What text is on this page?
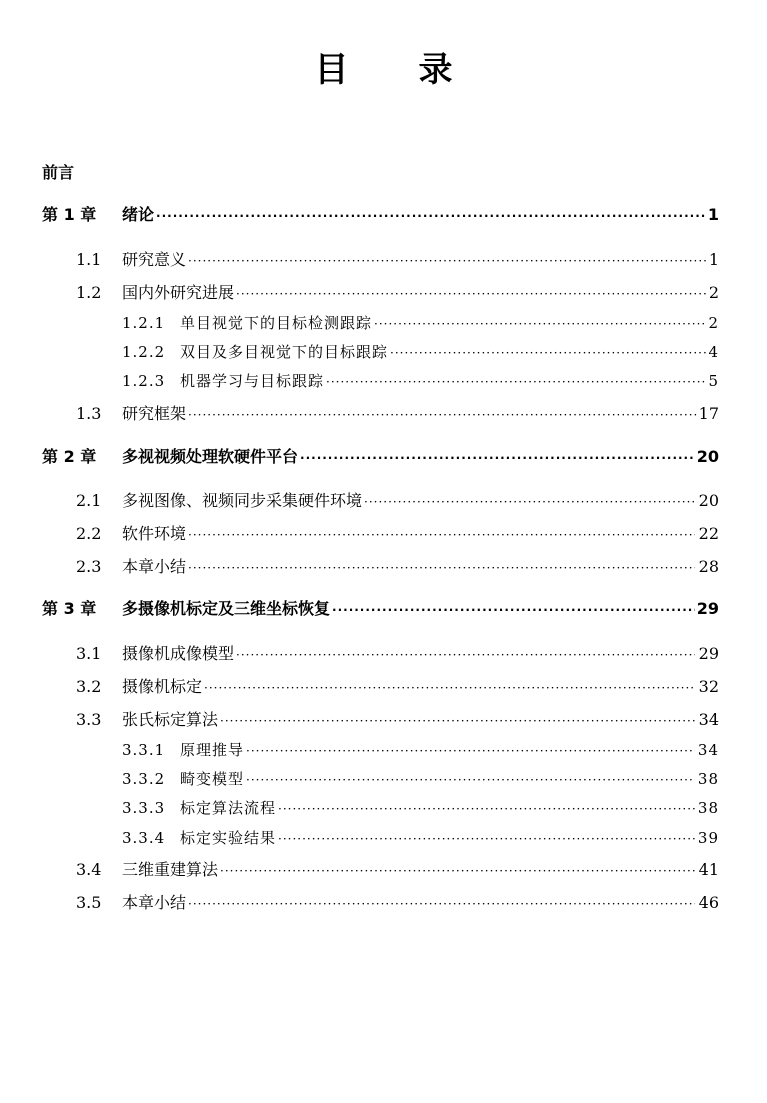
目 录
前言
第 1 章 绪论 ·····	1
1.1 研究意义 ·····	1
1.2 国内外研究进展 ·····	2
1.2.1 单目视觉下的目标检测跟踪 ·····	2
1.2.2 双目及多目视觉下的目标跟踪 ·····	4
1.2.3 机器学习与目标跟踪 ·····	5
1.3 研究框架 ·····	17
第 2 章 多视视频处理软硬件平台 ·····	20
2.1 多视图像、视频同步采集硬件环境 ·····	20
2.2 软件环境 ·····	22
2.3 本章小结 ·····	28
第 3 章 多摄像机标定及三维坐标恢复 ·····	29
3.1 摄像机成像模型 ·····	29
3.2 摄像机标定 ·····	32
3.3 张氏标定算法 ·····	34
3.3.1 原理推导 ·····	34
3.3.2 畸变模型 ·····	38
3.3.3 标定算法流程 ·····	38
3.3.4 标定实验结果 ·····	39
3.4 三维重建算法 ·····	41
3.5 本章小结 ·····	46
